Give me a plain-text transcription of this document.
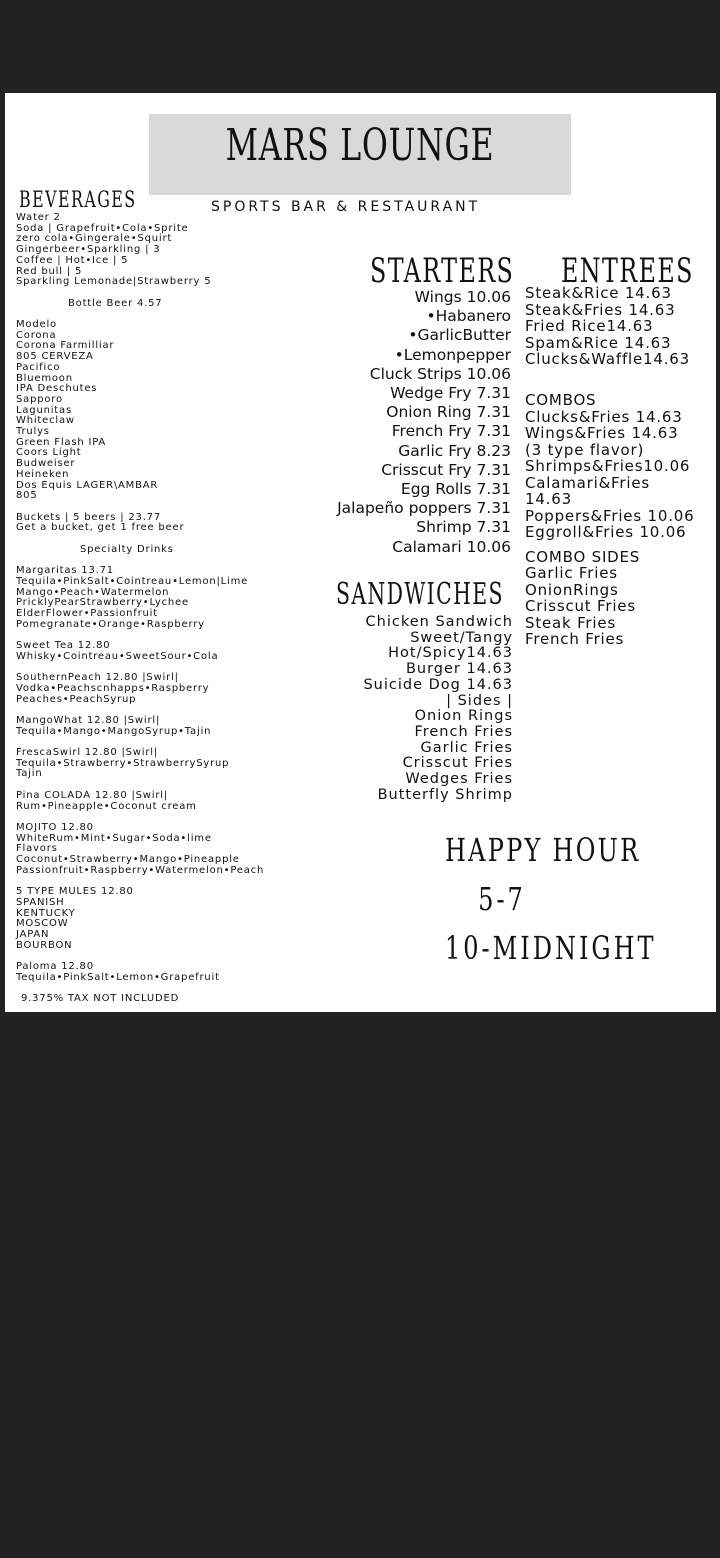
MARS LOUNGE
SPORTS BAR & RESTAURANT
BEVERAGES
Water 2
Soda | Grapefruit•Cola•Sprite
zero cola•Gingerale•Squirt
Gingerbeer•Sparkling | 3
Coffee | Hot•Ice | 5
Red bull | 5
Sparkling Lemonade|Strawberry 5
Bottle Beer 4.57
Modelo
Corona
Corona Farmilliar
805 CERVEZA
Pacifico
Bluemoon
IPA Deschutes
Sapporo
Lagunitas
Whiteclaw
Trulys
Green Flash IPA
Coors Light
Budweiser
Heineken
Dos Equis LAGER\AMBAR
805
Buckets | 5 beers | 23.77
Get a bucket, get 1 free beer
Specialty Drinks
Margaritas 13.71
Tequila•PinkSalt•Cointreau•Lemon|Lime
Mango•Peach•Watermelon
PricklyPearStrawberry•Lychee
ElderFlower•Passionfruit
Pomegranate•Orange•Raspberry
Sweet Tea 12.80
Whisky•Cointreau•SweetSour•Cola
SouthernPeach 12.80 |Swirl|
Vodka•Peachscnhapps•Raspberry
Peaches•PeachSyrup
MangoWhat 12.80 |Swirl|
Tequila•Mango•MangoSyrup•Tajin
FrescaSwirl 12.80 |Swirl|
Tequila•Strawberry•StrawberrySyrup
Tajin
Pina COLADA 12.80 |Swirl|
Rum•Pineapple•Coconut cream
MOJITO 12.80
WhiteRum•Mint•Sugar•Soda•lime
Flavors
Coconut•Strawberry•Mango•Pineapple
Passionfruit•Raspberry•Watermelon•Peach
5 TYPE MULES 12.80
SPANISH
KENTUCKY
MOSCOW
JAPAN
BOURBON
Paloma 12.80
Tequila•PinkSalt•Lemon•Grapefruit
STARTERS
Wings 10.06
•Habanero
•GarlicButter
•Lemonpepper
Cluck Strips 10.06
Wedge Fry 7.31
Onion Ring 7.31
French Fry 7.31
Garlic Fry 8.23
Crisscut Fry 7.31
Egg Rolls 7.31
Jalapeño poppers 7.31
Shrimp 7.31
Calamari 10.06
ENTREES
Steak&Rice 14.63
Steak&Fries 14.63
Fried Rice14.63
Spam&Rice 14.63
Clucks&Waffle14.63
COMBOS
Clucks&Fries 14.63
Wings&Fries 14.63
(3 type flavor)
Shrimps&Fries10.06
Calamari&Fries
14.63
Poppers&Fries 10.06
Eggroll&Fries 10.06
COMBO SIDES
Garlic Fries
OnionRings
Crisscut Fries
Steak Fries
French Fries
SANDWICHES
Chicken Sandwich
Sweet/Tangy
Hot/Spicy14.63
Burger 14.63
Suicide Dog 14.63
| Sides |
Onion Rings
French Fries
Garlic Fries
Crisscut Fries
Wedges Fries
Butterfly Shrimp
HAPPY HOUR
5-7
10-MIDNIGHT
9.375% TAX NOT INCLUDED
